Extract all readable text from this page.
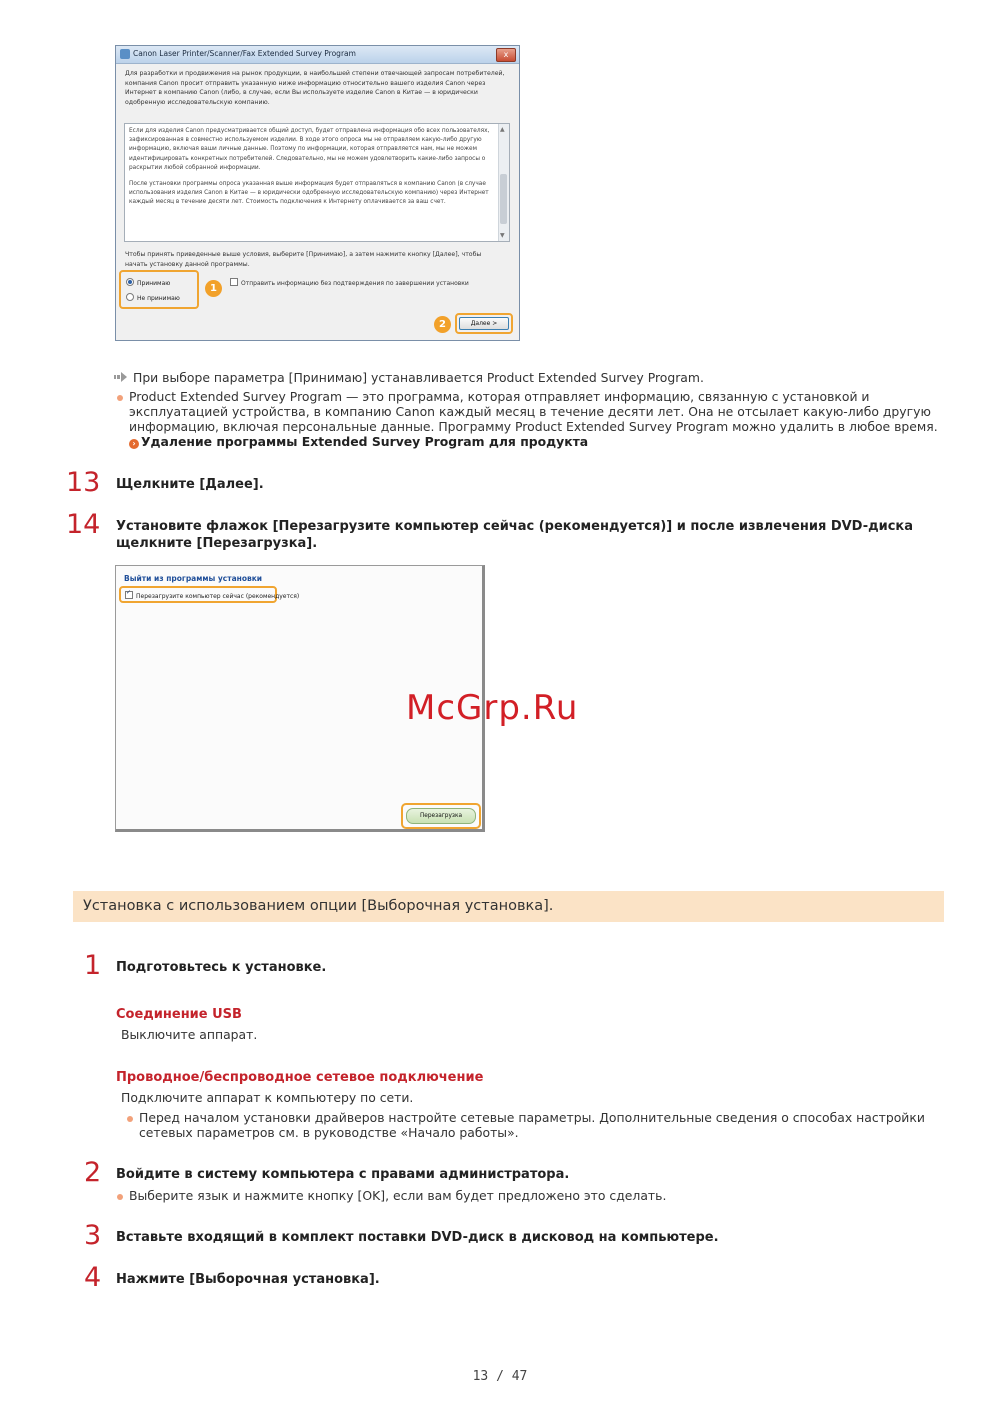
Canon Laser Printer/Scanner/Fax Extended Survey Program	x
Для разработки и продвижения на рынок продукции, в наибольшей степени отвечающей запросам потребителей, компания Canon просит отправить указанную ниже информацию относительно вашего изделия Canon через Интернет в компанию Canon (либо, в случае, если Вы используете изделие Canon в Китае — в юридически одобренную исследовательскую компанию.
Если для изделия Canon предусматривается общий доступ, будет отправлена информация обо всех пользователях, зафиксированная в совместно используемом изделии. В ходе этого опроса мы не отправляем какую-либо другую информацию, включая ваши личные данные. Поэтому по информации, которая отправляется нам, мы не можем идентифицировать конкретных потребителей. Следовательно, мы не можем удовлетворить какие-либо запросы о раскрытии любой собранной информации.
После установки программы опроса указанная выше информация будет отправляться в компанию Canon (в случае использования изделия Canon в Китае — в юридически одобренную исследовательскую компанию) через Интернет каждый месяц в течение десяти лет. Стоимость подключения к Интернету оплачивается за ваш счет.
▲
▼
Чтобы принять приведенные выше условия, выберите [Принимаю], а затем нажмите кнопку [Далее], чтобы начать установку данной программы.
Принимаю
Не принимаю
1	Отправить информацию без подтверждения по завершении установки
2	Далее >
При выборе параметра [Принимаю] устанавливается Product Extended Survey Program.
Product Extended Survey Program — это программа, которая отправляет информацию, связанную с установкой и
эксплуатацией устройства, в компанию Canon каждый месяц в течение десяти лет. Она не отсылает какую-либо другую
информацию, включая персональные данные. Программу Product Extended Survey Program можно удалить в любое время.
› Удаление программы Extended Survey Program для продукта
13 Щелкните [Далее].
14 Установите флажок [Перезагрузите компьютер сейчас (рекомендуется)] и после извлечения DVD-диска
щелкните [Перезагрузка].
Выйти из программы установки
✓Перезагрузите компьютер сейчас (рекомендуется)
Перезагрузка
McGrp.Ru
Установка с использованием опции [Выборочная установка].
1 Подготовьтесь к установке.
Соединение USB
Выключите аппарат.
Проводное/беспроводное сетевое подключение
Подключите аппарат к компьютеру по сети.
Перед началом установки драйверов настройте сетевые параметры. Дополнительные сведения о способах настройки
сетевых параметров см. в руководстве «Начало работы».
2 Войдите в систему компьютера с правами администратора.
Выберите язык и нажмите кнопку [OK], если вам будет предложено это сделать.
3 Вставьте входящий в комплект поставки DVD-диск в дисковод на компьютере.
4 Нажмите [Выборочная установка].
13 / 47
